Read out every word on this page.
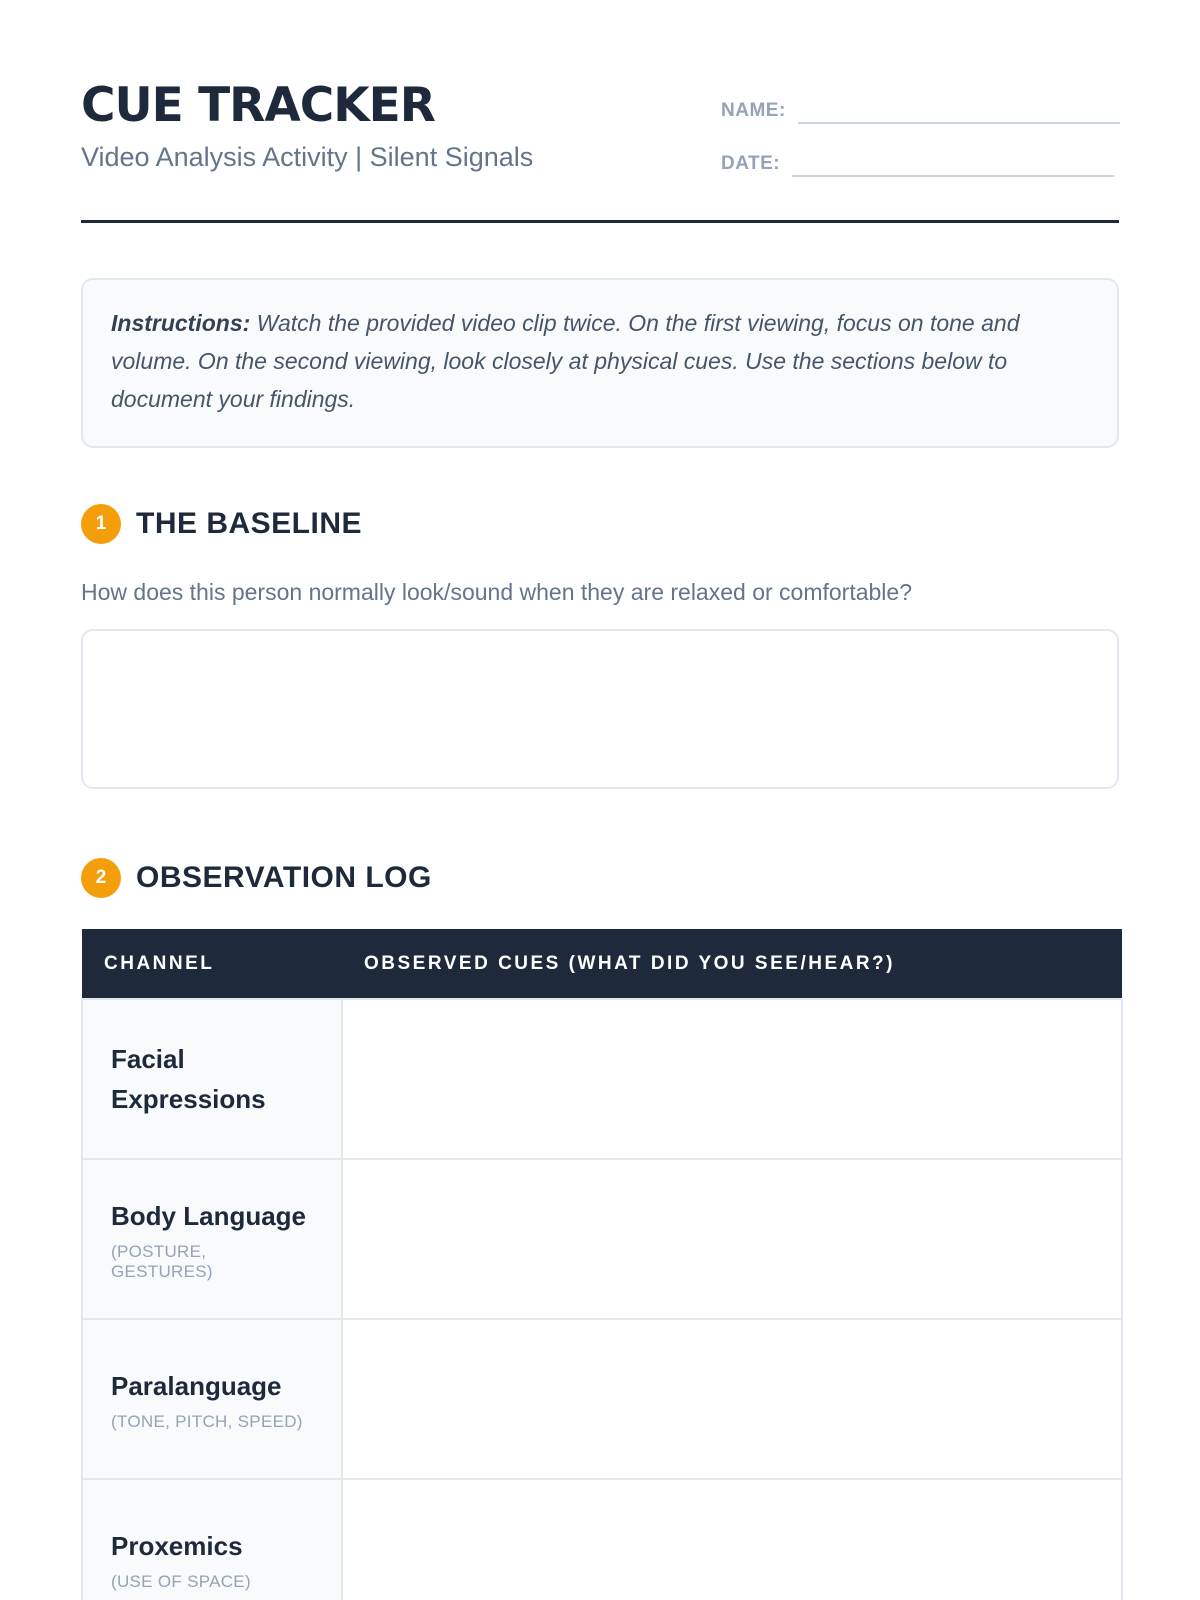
CUE TRACKER

Video Analysis Activity | Silent Signals

NAME:
DATE:
Instructions: Watch the provided video clip twice. On the first viewing, focus on tone and volume. On the second viewing, look closely at physical cues. Use the sections below to document your findings.
1 THE BASELINE
How does this person normally look/sound when they are relaxed or comfortable?
2 OBSERVATION LOG
CHANNEL	OBSERVED CUES (WHAT DID YOU SEE/HEAR?)

Facial Expressions	

Body Language
(POSTURE, GESTURES)	

Paralanguage
(TONE, PITCH, SPEED)	

Proxemics
(USE OF SPACE)	
